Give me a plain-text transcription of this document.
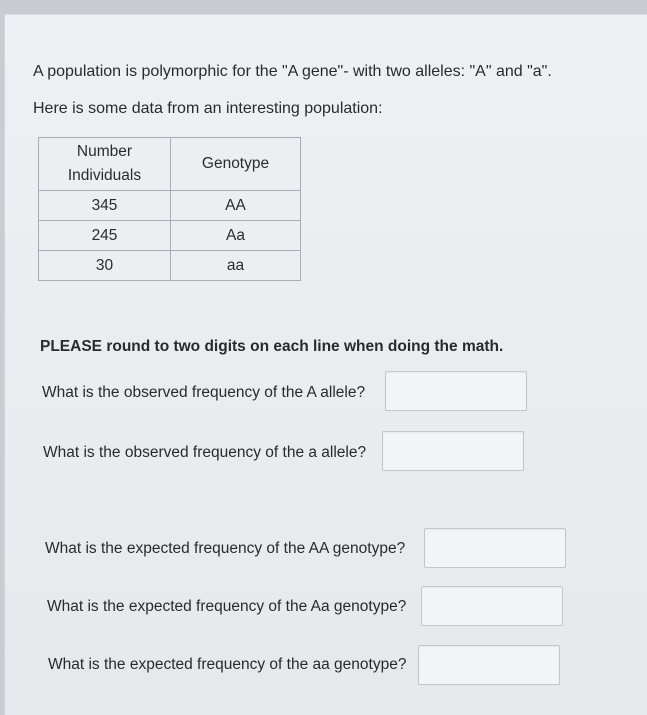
A population is polymorphic for the "A gene"- with two alleles: "A" and "a".
Here is some data from an interesting population:
Number
Individuals	Genotype
345	AA
245	Aa
30	aa
PLEASE round to two digits on each line when doing the math.
What is the observed frequency of the A allele?
What is the observed frequency of the a allele?
What is the expected frequency of the AA genotype?
What is the expected frequency of the Aa genotype?
What is the expected frequency of the aa genotype?
